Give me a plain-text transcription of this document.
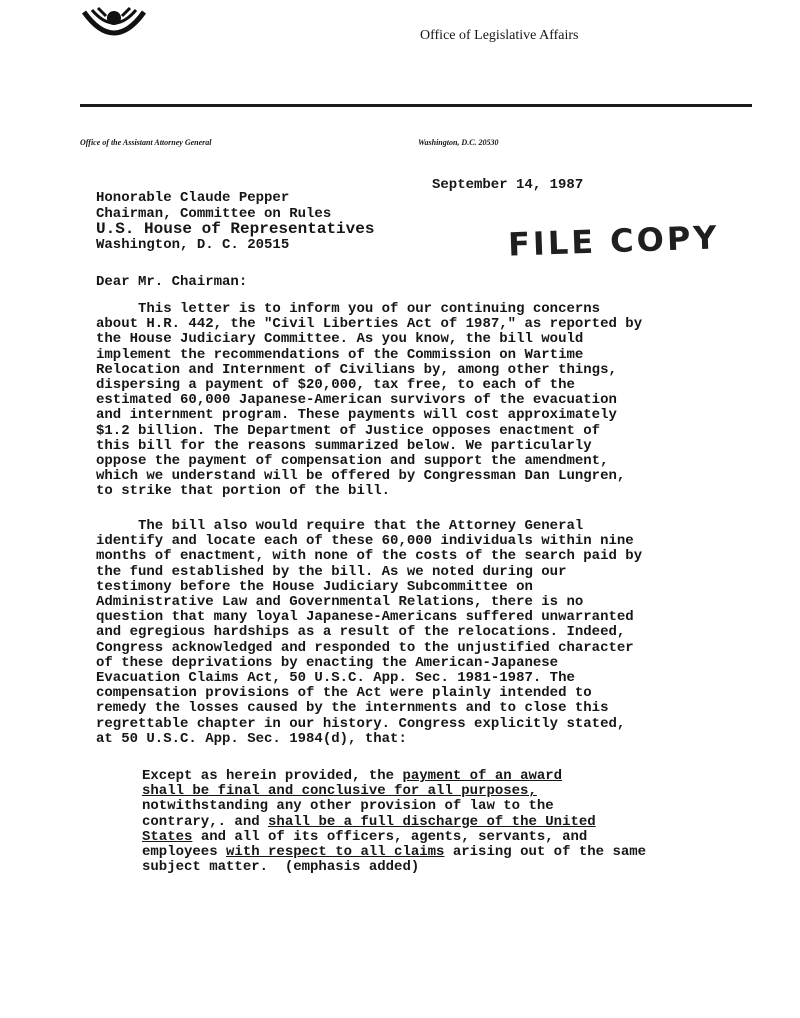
Office of Legislative Affairs
Office of the Assistant Attorney General	Washington, D.C. 20530
September 14, 1987
Honorable Claude Pepper
Chairman, Committee on Rules
U.S. House of Representatives
Washington, D. C. 20515	FILE COPY
Dear Mr. Chairman:
This letter is to inform you of our continuing concerns
about H.R. 442, the "Civil Liberties Act of 1987," as reported by
the House Judiciary Committee. As you know, the bill would
implement the recommendations of the Commission on Wartime
Relocation and Internment of Civilians by, among other things,
dispersing a payment of $20,000, tax free, to each of the
estimated 60,000 Japanese-American survivors of the evacuation
and internment program. These payments will cost approximately
$1.2 billion. The Department of Justice opposes enactment of
this bill for the reasons summarized below. We particularly
oppose the payment of compensation and support the amendment,
which we understand will be offered by Congressman Dan Lungren,
to strike that portion of the bill.
The bill also would require that the Attorney General
identify and locate each of these 60,000 individuals within nine
months of enactment, with none of the costs of the search paid by
the fund established by the bill. As we noted during our
testimony before the House Judiciary Subcommittee on
Administrative Law and Governmental Relations, there is no
question that many loyal Japanese-Americans suffered unwarranted
and egregious hardships as a result of the relocations. Indeed,
Congress acknowledged and responded to the unjustified character
of these deprivations by enacting the American-Japanese
Evacuation Claims Act, 50 U.S.C. App. Sec. 1981-1987. The
compensation provisions of the Act were plainly intended to
remedy the losses caused by the internments and to close this
regrettable chapter in our history. Congress explicitly stated,
at 50 U.S.C. App. Sec. 1984(d), that:
Except as herein provided, the payment of an award
shall be final and conclusive for all purposes,
notwithstanding any other provision of law to the
contrary,. and shall be a full discharge of the United
States and all of its officers, agents, servants, and
employees with respect to all claims arising out of the same
subject matter.  (emphasis added)
